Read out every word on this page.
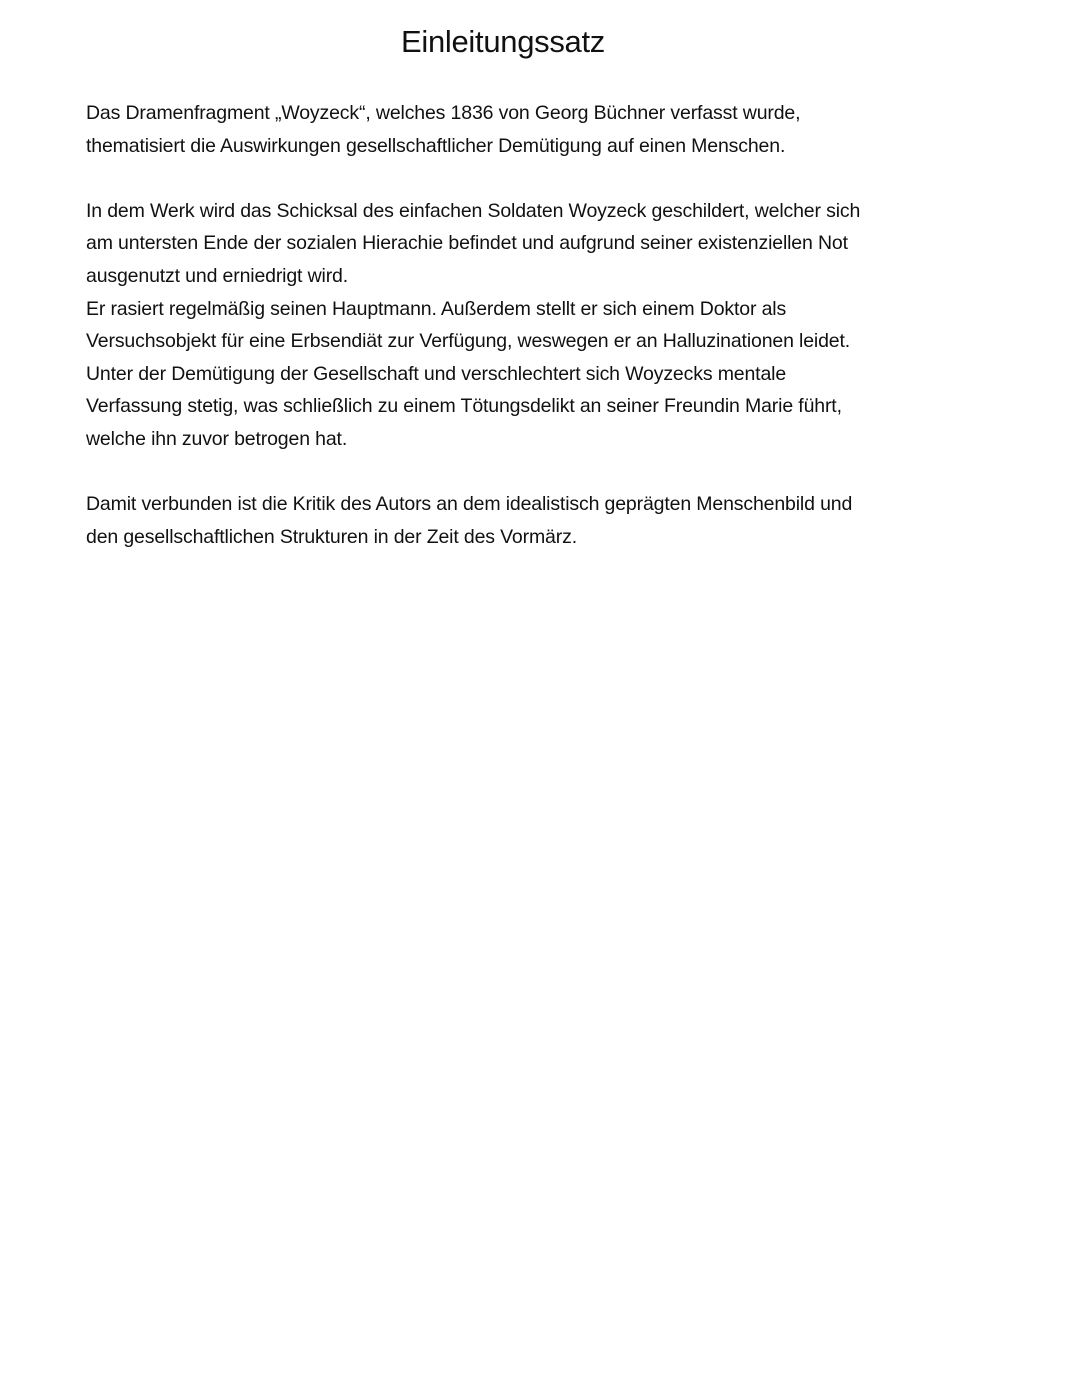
Einleitungssatz
Das Dramenfragment „Woyzeck“, welches 1836 von Georg Büchner verfasst wurde,
thematisiert die Auswirkungen gesellschaftlicher Demütigung auf einen Menschen.
In dem Werk wird das Schicksal des einfachen Soldaten Woyzeck geschildert, welcher sich
am untersten Ende der sozialen Hierachie befindet und aufgrund seiner existenziellen Not
ausgenutzt und erniedrigt wird.
Er rasiert regelmäßig seinen Hauptmann. Außerdem stellt er sich einem Doktor als
Versuchsobjekt für eine Erbsendiät zur Verfügung, weswegen er an Halluzinationen leidet.
Unter der Demütigung der Gesellschaft und verschlechtert sich Woyzecks mentale
Verfassung stetig, was schließlich zu einem Tötungsdelikt an seiner Freundin Marie führt,
welche ihn zuvor betrogen hat.
Damit verbunden ist die Kritik des Autors an dem idealistisch geprägten Menschenbild und
den gesellschaftlichen Strukturen in der Zeit des Vormärz.
